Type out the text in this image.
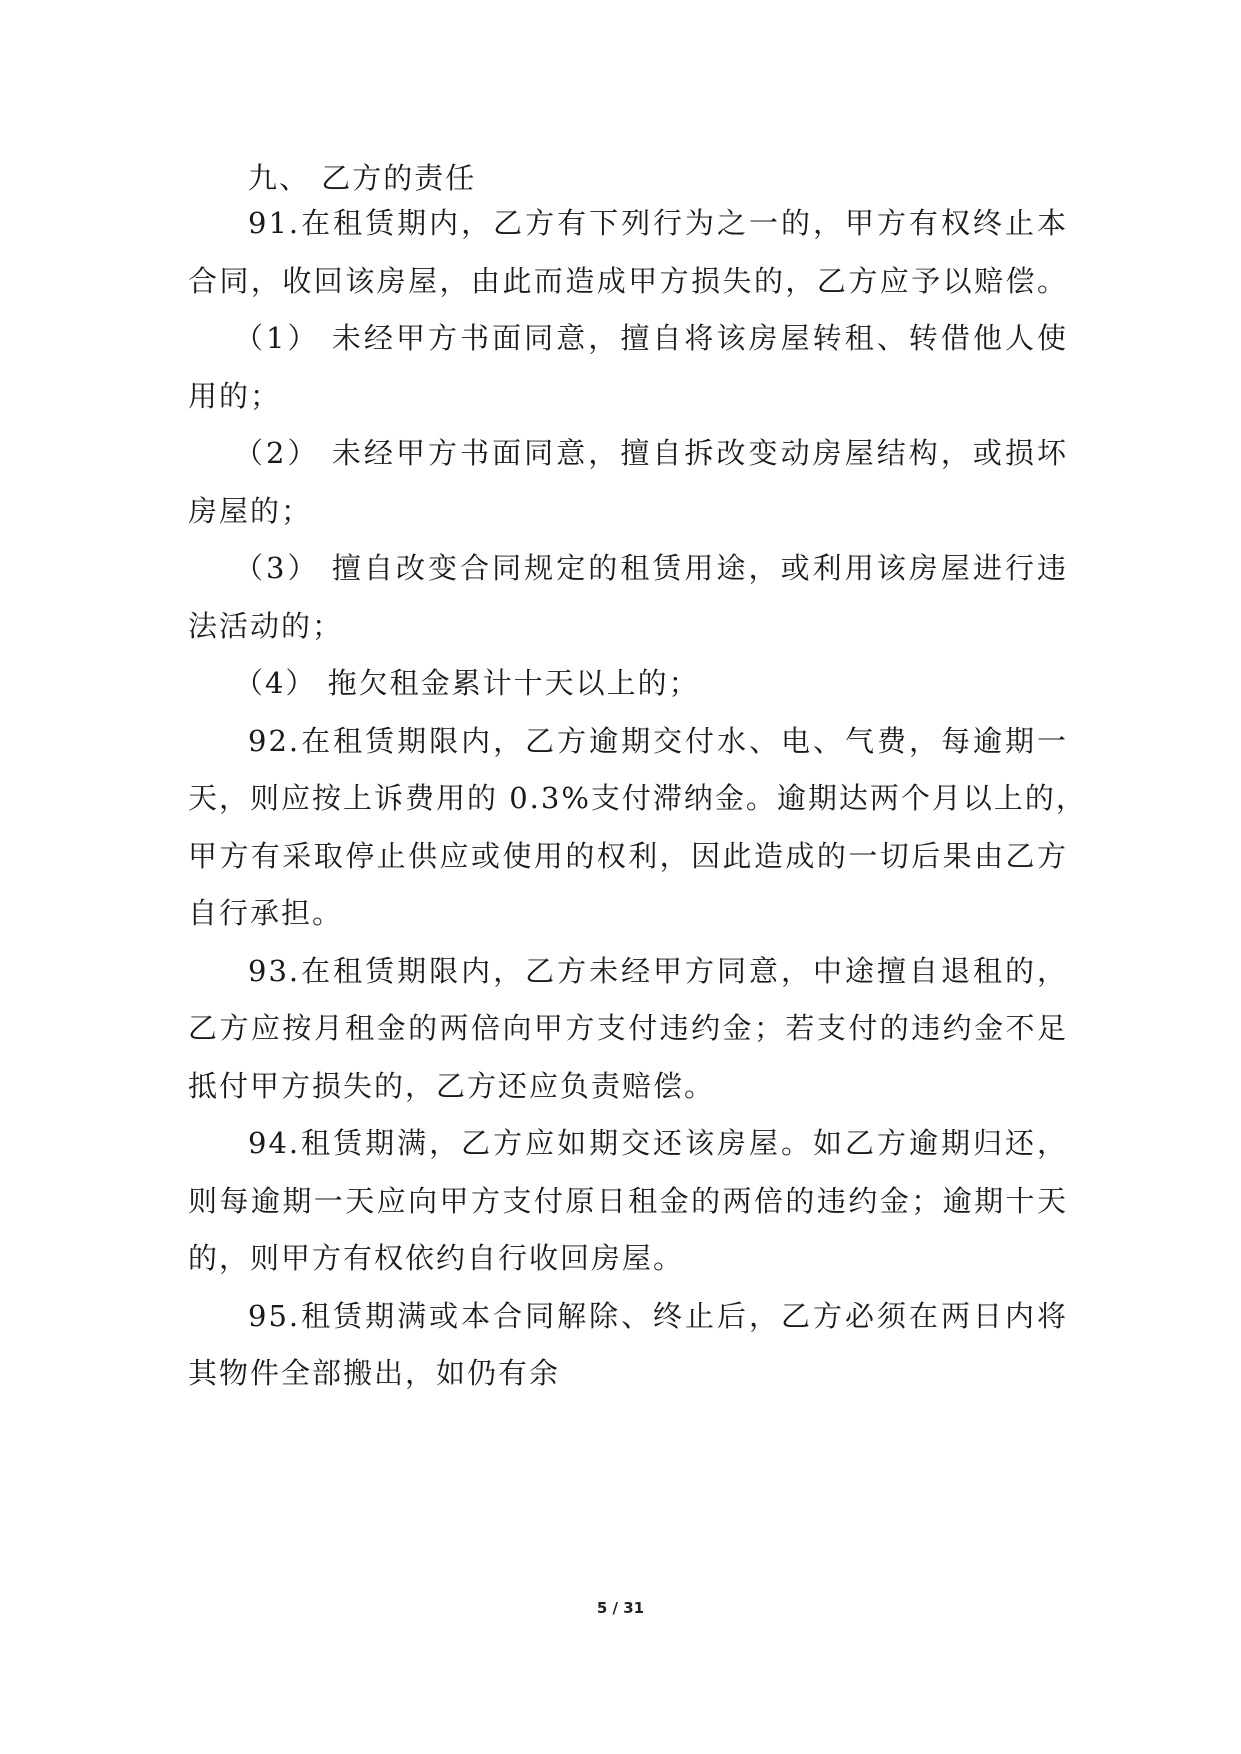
九、 乙方的责任
91.在租赁期内，乙方有下列行为之一的，甲方有权终止本
合同，收回该房屋，由此而造成甲方损失的，乙方应予以赔偿。
（1） 未经甲方书面同意，擅自将该房屋转租、转借他人使
用的；
（2） 未经甲方书面同意，擅自拆改变动房屋结构，或损坏
房屋的；
（3） 擅自改变合同规定的租赁用途，或利用该房屋进行违
法活动的；
（4） 拖欠租金累计十天以上的；
92.在租赁期限内，乙方逾期交付水、电、气费，每逾期一
天，则应按上诉费用的 0.3%支付滞纳金。逾期达两个月以上的，
甲方有采取停止供应或使用的权利，因此造成的一切后果由乙方
自行承担。
93.在租赁期限内，乙方未经甲方同意，中途擅自退租的，
乙方应按月租金的两倍向甲方支付违约金；若支付的违约金不足
抵付甲方损失的，乙方还应负责赔偿。
94.租赁期满，乙方应如期交还该房屋。如乙方逾期归还，
则每逾期一天应向甲方支付原日租金的两倍的违约金；逾期十天
的，则甲方有权依约自行收回房屋。
95.租赁期满或本合同解除、终止后，乙方必须在两日内将
其物件全部搬出，如仍有余
5 / 31
